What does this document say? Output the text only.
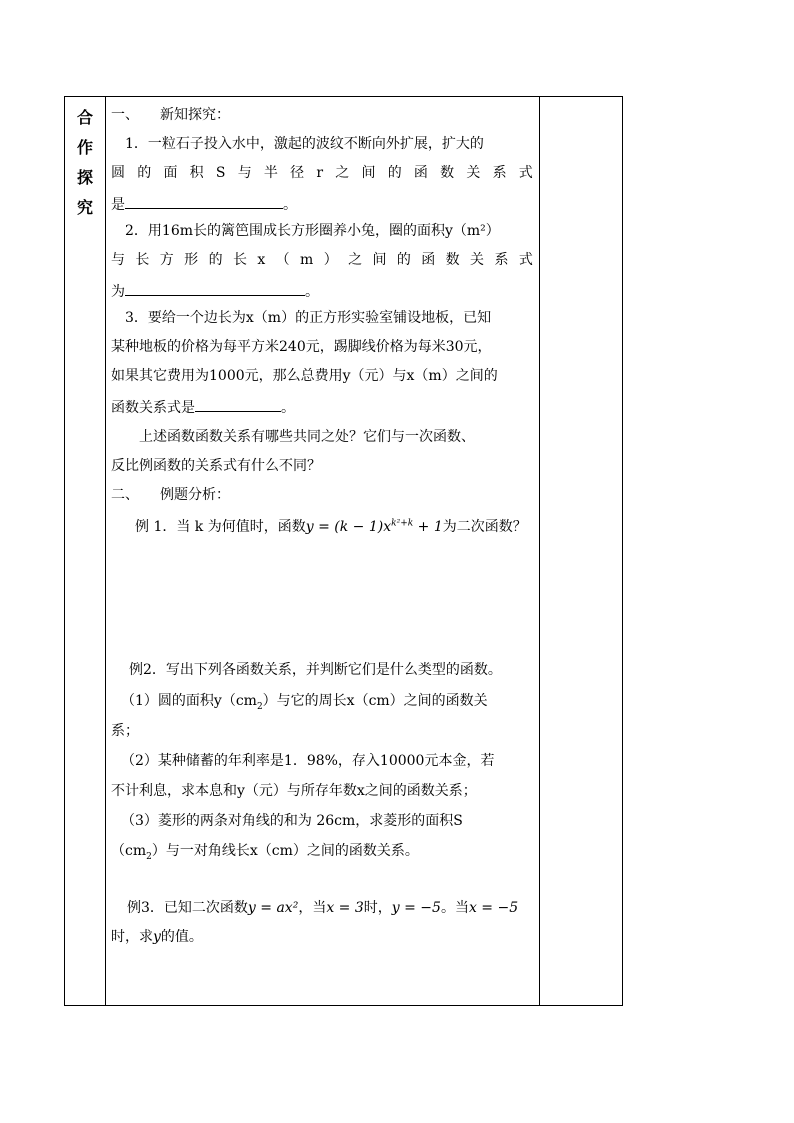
合
作
探
究
一、　　新知探究：
1．一粒石子投入水中，激起的波纹不断向外扩展，扩大的
圆 的 面 积 S 与 半 径 r 之 间 的 函 数 关 系 式
是	。
2．用16m长的篱笆围成长方形圈养小兔，圈的面积y（m²）
与 长 方 形 的 长 x （ m ） 之 间 的 函 数 关 系 式
为	。
3．要给一个边长为x（m）的正方形实验室铺设地板，已知
某种地板的价格为每平方米240元，踢脚线价格为每米30元，
如果其它费用为1000元，那么总费用y（元）与x（m）之间的
函数关系式是	。
上述函数函数关系有哪些共同之处？它们与一次函数、
反比例函数的关系式有什么不同？
二、　　例题分析：
例 1．当 k 为何值时，函数$y = (k - 1)x^{k^2+k} + 1$为二次函数？
例2．写出下列各函数关系，并判断它们是什么类型的函数。
（1）圆的面积$y(cm_2)$与它的周长x（cm）之间的函数关
系；
（2）某种储蓄的年利率是1．98%，存入10000元本金，若
不计利息，求本息和y（元）与所存年数x之间的函数关系；
（3）菱形的两条对角线的和为 26cm，求菱形的面积S
$(cm_2)$与一对角线长x（cm）之间的函数关系。
例3．已知二次函数y = ax²，当x = 3时，y = −5。当x = −5
时，求y的值。
